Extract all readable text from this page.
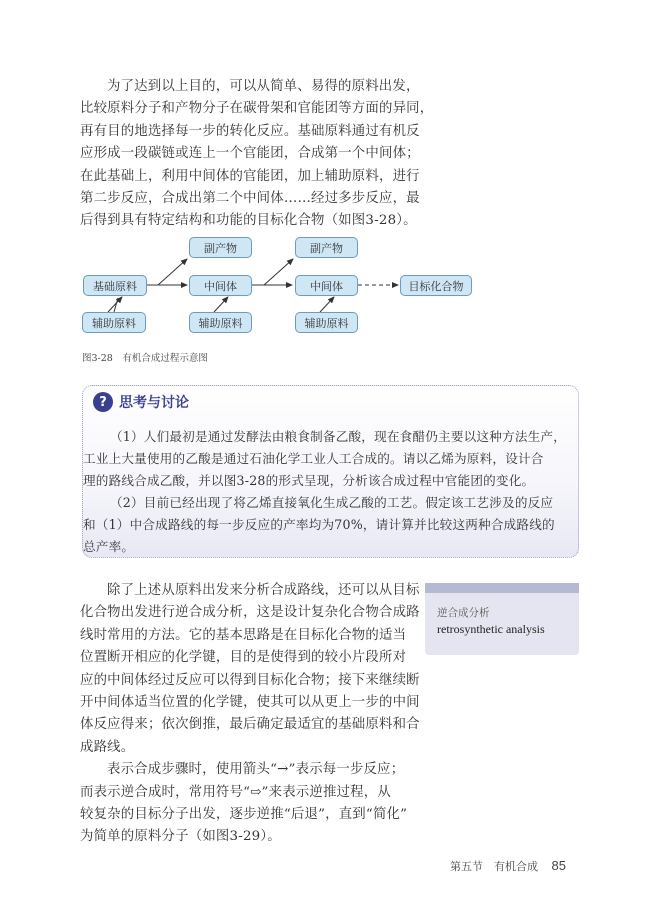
为了达到以上目的，可以从简单、易得的原料出发，
比较原料分子和产物分子在碳骨架和官能团等方面的异同，
再有目的地选择每一步的转化反应。基础原料通过有机反
应形成一段碳链或连上一个官能团，合成第一个中间体；
在此基础上，利用中间体的官能团，加上辅助原料，进行
第二步反应，合成出第二个中间体……经过多步反应，最
后得到具有特定结构和功能的目标化合物（如图3-28）。
基础原料
副产物
中间体
辅助原料	辅助原料
副产物
中间体
辅助原料
目标化合物
图3-28　有机合成过程示意图
? 思考与讨论
（1）人们最初是通过发酵法由粮食制备乙酸，现在食醋仍主要以这种方法生产，
工业上大量使用的乙酸是通过石油化学工业人工合成的。请以乙烯为原料，设计合
理的路线合成乙酸，并以图3-28的形式呈现，分析该合成过程中官能团的变化。
（2）目前已经出现了将乙烯直接氧化生成乙酸的工艺。假定该工艺涉及的反应
和（1）中合成路线的每一步反应的产率均为70%，请计算并比较这两种合成路线的
总产率。
除了上述从原料出发来分析合成路线，还可以从目标
化合物出发进行逆合成分析，这是设计复杂化合物合成路
线时常用的方法。它的基本思路是在目标化合物的适当
位置断开相应的化学键，目的是使得到的较小片段所对
应的中间体经过反应可以得到目标化合物；接下来继续断
开中间体适当位置的化学键，使其可以从更上一步的中间
体反应得来；依次倒推，最后确定最适宜的基础原料和合
成路线。
表示合成步骤时，使用箭头“→”表示每一步反应；
而表示逆合成时，常用符号“⇨”来表示逆推过程，从
较复杂的目标分子出发，逐步逆推“后退”，直到“简化”
为简单的原料分子（如图3-29）。
逆合成分析
retrosynthetic analysis
第五节　有机合成 85
